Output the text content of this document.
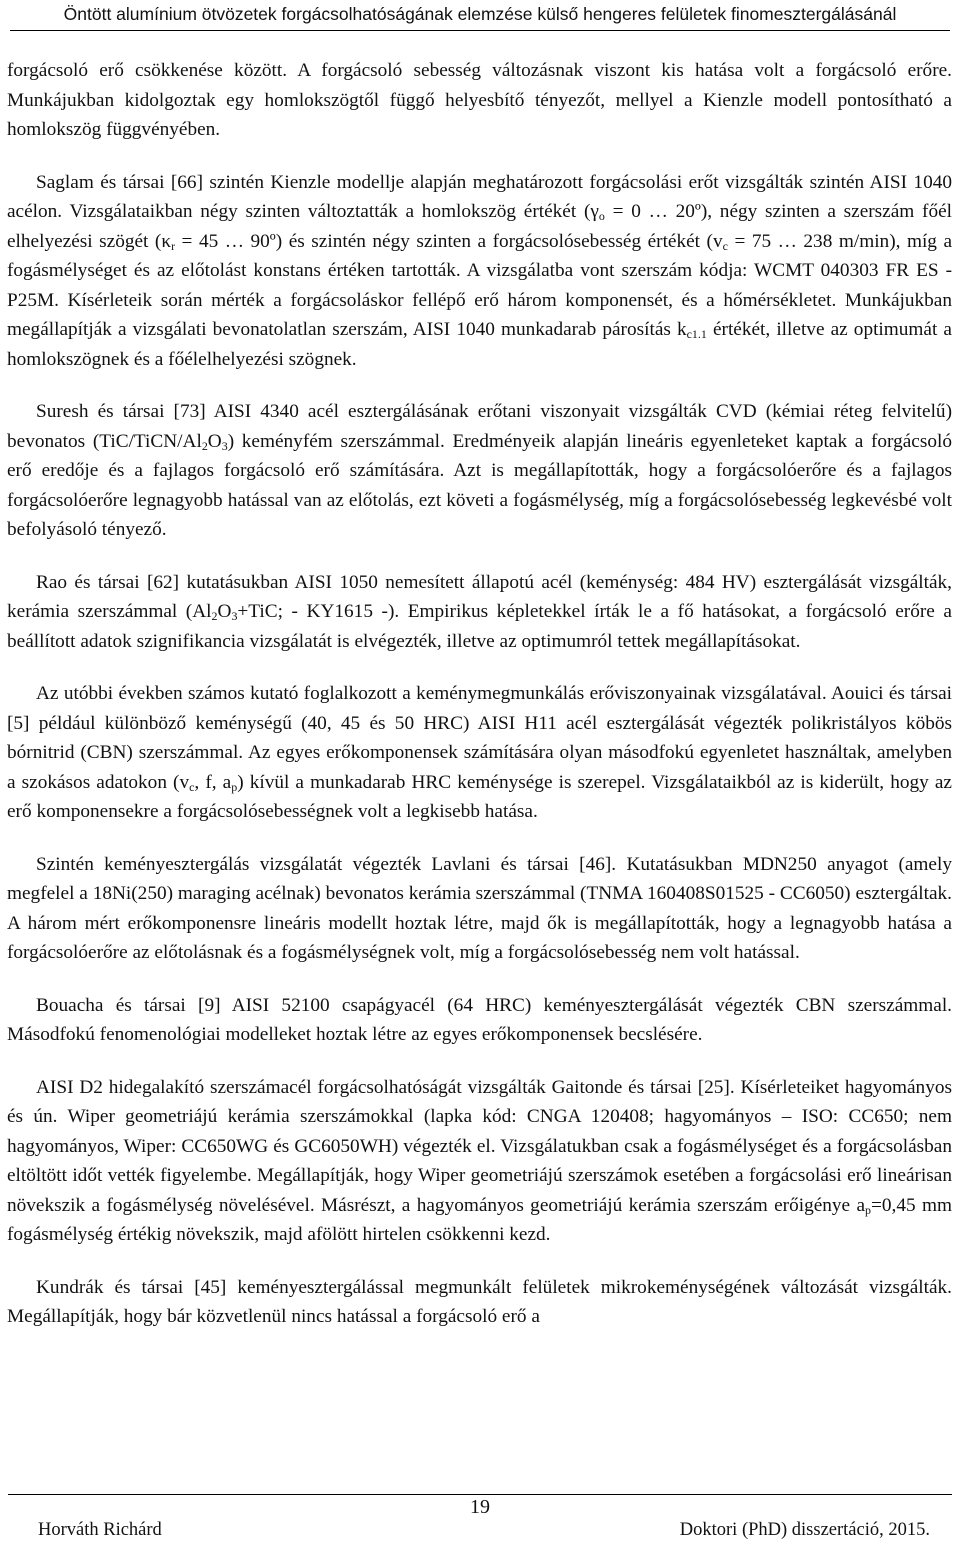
Öntött alumínium ötvözetek forgácsolhatóságának elemzése külső hengeres felületek finomesztergálásánál

forgácsoló erő csökkenése között. A forgácsoló sebesség változásnak viszont kis hatása volt a forgácsoló erőre. Munkájukban kidolgoztak egy homlokszögtől függő helyesbítő tényezőt, mellyel a Kienzle modell pontosítható a homlokszög függvényében.

Saglam és társai [66] szintén Kienzle modellje alapján meghatározott forgácsolási erőt vizsgálták szintén AISI 1040 acélon. Vizsgálataikban négy szinten változtatták a homlokszög értékét ($\gamma_o = 0$ … 20º), négy szinten a szerszám főél elhelyezési szögét ($\kappa_r = 45$ … 90º) és szintén négy szinten a forgácsolósebesség értékét ($v_c = 75$ … 238 m/min), míg a fogásmélységet és az előtolást konstans értéken tartották. A vizsgálatba vont szerszám kódja: WCMT 040303 FR ES - P25M. Kísérleteik során mérték a forgácsoláskor fellépő erő három komponensét, és a hőmérsékletet. Munkájukban megállapítják a vizsgálati bevonatolatlan szerszám, AISI 1040 munkadarab párosítás $k_{c1.1}$ értékét, illetve az optimumát a homlokszögnek és a főélelhelyezési szögnek.

Suresh és társai [73] AISI 4340 acél esztergálásának erőtani viszonyait vizsgálták CVD (kémiai réteg felvitelű) bevonatos $(TiC/TiCN/Al_2O_3)$ keményfém szerszámmal. Eredményeik alapján lineáris egyenleteket kaptak a forgácsoló erő eredője és a fajlagos forgácsoló erő számítására. Azt is megállapították, hogy a forgácsolóerőre és a fajlagos forgácsolóerőre legnagyobb hatással van az előtolás, ezt követi a fogásmélység, míg a forgácsolósebesség legkevésbé volt befolyásoló tényező.

Rao és társai [62] kutatásukban AISI 1050 nemesített állapotú acél (keménység: 484 HV) esztergálását vizsgálták, kerámia szerszámmal ($Al_2O_3+TiC$; - KY1615 -). Empirikus képletekkel írták le a fő hatásokat, a forgácsoló erőre a beállított adatok szignifikancia vizsgálatát is elvégezték, illetve az optimumról tettek megállapításokat.

Az utóbbi években számos kutató foglalkozott a keménymegmunkálás erőviszonyainak vizsgálatával. Aouici és társai [5] például különböző keménységű (40, 45 és 50 HRC) AISI H11 acél esztergálását végezték polikristályos köbös bórnitrid (CBN) szerszámmal. Az egyes erőkomponensek számítására olyan másodfokú egyenletet használtak, amelyben a szokásos adatokon ($v_c$, f, $a_p$) kívül a munkadarab HRC keménysége is szerepel. Vizsgálataikból az is kiderült, hogy az erő komponensekre a forgácsolósebességnek volt a legkisebb hatása.

Szintén keményesztergálás vizsgálatát végezték Lavlani és társai [46]. Kutatásukban MDN250 anyagot (amely megfelel a 18Ni(250) maraging acélnak) bevonatos kerámia szerszámmal (TNMA 160408S01525 - CC6050) esztergáltak. A három mért erőkomponensre lineáris modellt hoztak létre, majd ők is megállapították, hogy a legnagyobb hatása a forgácsolóerőre az előtolásnak és a fogásmélységnek volt, míg a forgácsolósebesség nem volt hatással.

Bouacha és társai [9] AISI 52100 csapágyacél (64 HRC) keményesztergálását végezték CBN szerszámmal. Másodfokú fenomenológiai modelleket hoztak létre az egyes erőkomponensek becslésére.

AISI D2 hidegalakító szerszámacél forgácsolhatóságát vizsgálták Gaitonde és társai [25]. Kísérleteiket hagyományos és ún. Wiper geometriájú kerámia szerszámokkal (lapka kód: CNGA 120408; hagyományos – ISO: CC650; nem hagyományos, Wiper: CC650WG és GC6050WH) végezték el. Vizsgálatukban csak a fogásmélységet és a forgácsolásban eltöltött időt vették figyelembe. Megállapítják, hogy Wiper geometriájú szerszámok esetében a forgácsolási erő lineárisan növekszik a fogásmélység növelésével. Másrészt, a hagyományos geometriájú kerámia szerszám erőigénye $a_p=0,45$ mm fogásmélység értékig növekszik, majd afölött hirtelen csökkenni kezd.

Kundrák és társai [45] keményesztergálással megmunkált felületek mikrokeménységének változását vizsgálták. Megállapítják, hogy bár közvetlenül nincs hatással a forgácsoló erő a

19
Horváth Richárd	Doktori (PhD) disszertáció, 2015.
